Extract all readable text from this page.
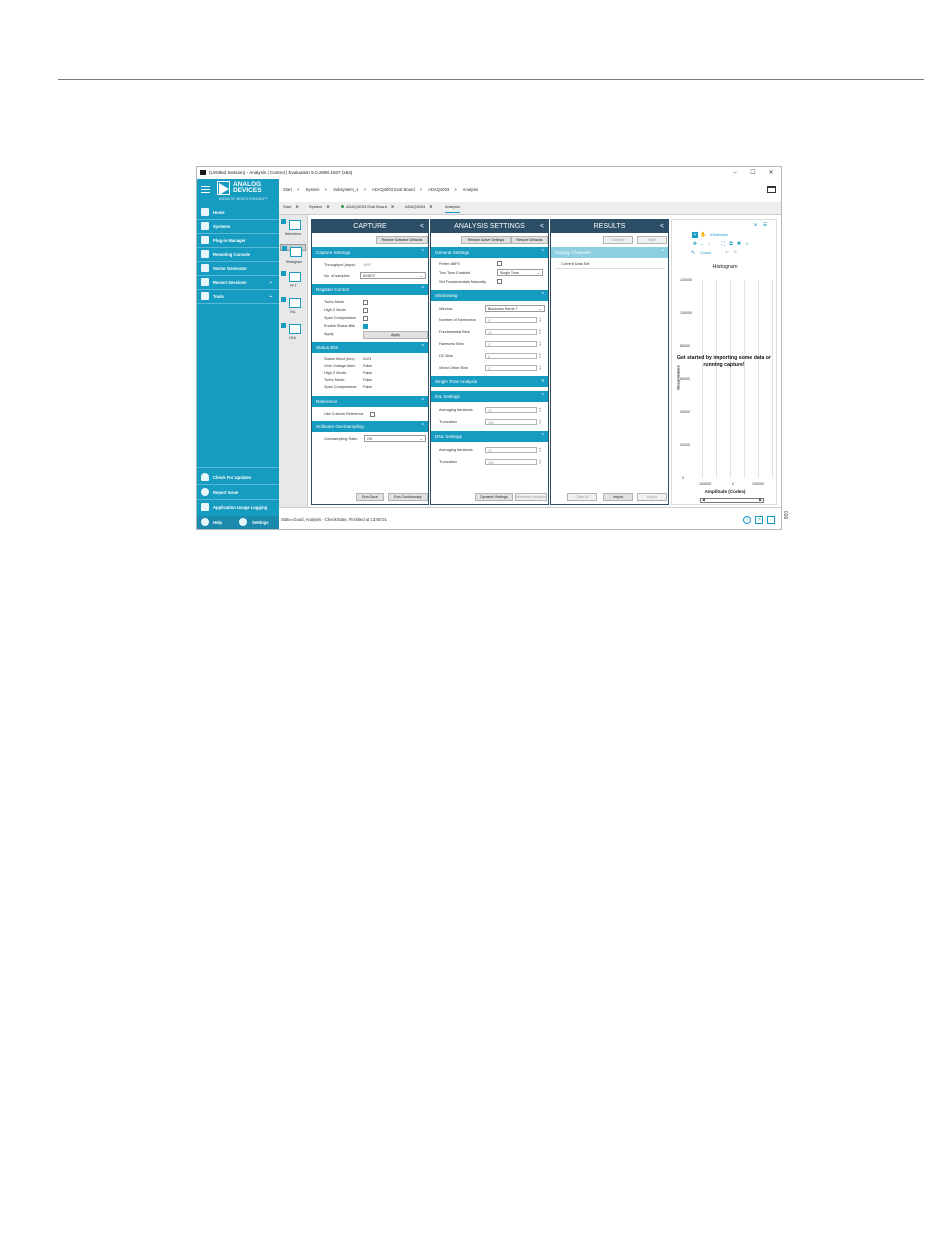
(Untitled Session) - Analysis | Control | Evaluation 5.0.2990.1507 (x64)	–	☐	✕
ANALOG
DEVICES
AHEAD OF WHAT'S POSSIBLE™
Home
Systems
Plug-in Manager
Remoting Console
Vector Generator
Recent Sessions	⌄
Tools	⌄
Check For Updates
Report Issue
Application Usage Logging
Help	Settings
Start > System > Subsystem_1 > ADAQ4003 Eval Board > ADAQ4003 > Analysis
Start ✕	System ✕	ADAQ4003 Eval Board ✕	ADAQ4003 ✕	Analysis
Waveform
Histogram
FFT
INL
DNL
CAPTURE	<
Restore Software Defaults
Capture Settings	^
Throughput (ksps): 1997
No. of samples:	524672	⌄
Register Control	^
Turbo Mode
High Z Mode
Span Compression
Enable Status Bits
Apply	Apply
Status Bits	^
Status Word (hex): 0x23
Over Voltage Alert: False
High Z Mode:	False
Turbo Mode:	False
Span Compression: False
Reference	^
Use Custom Reference
Software Oversampling	^
Oversampling Ratio	Off	⌄
Run Once	Run Continuously
ANALYSIS SETTINGS <
Restore Active Settings	Restore Defaults
General Settings	^
Prefer dBFS
Two Tone Enabled	Single Tone	⌄
Set Fundamentals Manually
Windowing	^
Window	Blackman Harris 7	⌄
Number of Harmonics	5
▴
▾
Fundamental Bins	10
▴
▾
Harmonic Bins	3
▴
▾
DC Bins	6
▴
▾
Worst Other Bins	3
▴
▾
Single Tone Analysis	v
INL Settings	^
Averaging Iterations	10
▴
▾
Truncation	100
▴
▾
DNL Settings	^
Averaging Iterations	10
▴
▾
Truncation	100
▴
▾
Dynamic Settings	Waveform Analysis
RESULTS	<
Display Channels	^
Combine	Hide
Current Data Set
Clear All	Import	Export
⇲ ☰
+ ✋ XSelection
✥ ↔ ↕	⛶ ⧉ ✱ ⌕
✎ Cursor	↶ ↷
Histogram
120000
100000
80000
60000
40000
20000
0
Occurrences
Get started by importing some data or running capture!
-100000	0	100000
Amplitude (Codes)
◀	▶
State=Good, Analysis - CheckState, Finished at 13:50:01	i	↗	⋰
016
